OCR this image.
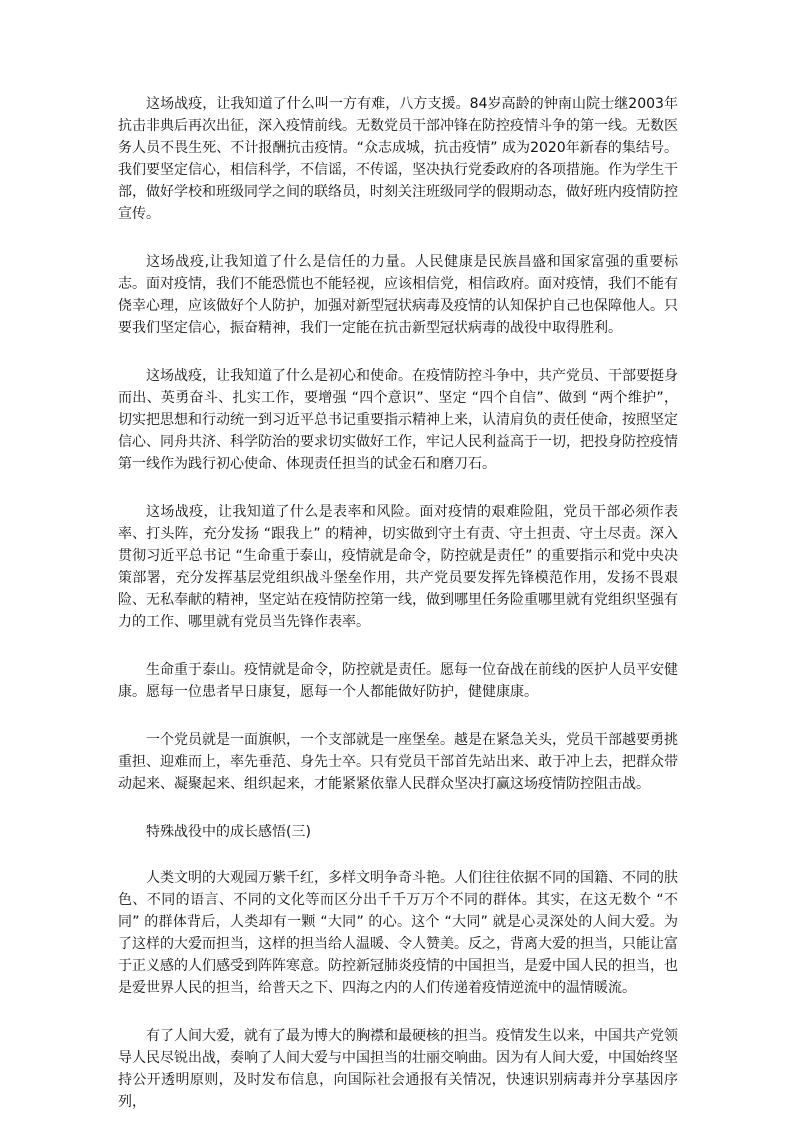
这场战疫，让我知道了什么叫一方有难，八方支援。84岁高龄的钟南山院士继2003年抗击非典后再次出征，深入疫情前线。无数党员干部冲锋在防控疫情斗争的第一线。无数医务人员不畏生死、不计报酬抗击疫情。“众志成城，抗击疫情” 成为2020年新春的集结号。我们要坚定信心，相信科学，不信谣，不传谣，坚决执行党委政府的各项措施。作为学生干部，做好学校和班级同学之间的联络员，时刻关注班级同学的假期动态，做好班内疫情防控宣传。

这场战疫,让我知道了什么是信任的力量。人民健康是民族昌盛和国家富强的重要标志。面对疫情，我们不能恐慌也不能轻视，应该相信党，相信政府。面对疫情，我们不能有侥幸心理，应该做好个人防护，加强对新型冠状病毒及疫情的认知保护自己也保障他人。只要我们坚定信心，振奋精神，我们一定能在抗击新型冠状病毒的战役中取得胜利。

这场战疫，让我知道了什么是初心和使命。在疫情防控斗争中，共产党员、干部要挺身而出、英勇奋斗、扎实工作，要增强 “四个意识”、坚定 “四个自信”、做到 “两个维护”，切实把思想和行动统一到习近平总书记重要指示精神上来，认清肩负的责任使命，按照坚定信心、同舟共济、科学防治的要求切实做好工作，牢记人民利益高于一切，把投身防控疫情第一线作为践行初心使命、体现责任担当的试金石和磨刀石。

这场战疫，让我知道了什么是表率和风险。面对疫情的艰难险阻，党员干部必须作表率、打头阵，充分发扬 “跟我上” 的精神，切实做到守土有责、守土担责、守土尽责。深入贯彻习近平总书记 “生命重于泰山，疫情就是命令，防控就是责任” 的重要指示和党中央决策部署，充分发挥基层党组织战斗堡垒作用，共产党员要发挥先锋模范作用，发扬不畏艰险、无私奉献的精神，坚定站在疫情防控第一线，做到哪里任务险重哪里就有党组织坚强有力的工作、哪里就有党员当先锋作表率。

生命重于泰山。疫情就是命令，防控就是责任。愿每一位奋战在前线的医护人员平安健康。愿每一位患者早日康复，愿每一个人都能做好防护，健健康康。

一个党员就是一面旗帜，一个支部就是一座堡垒。越是在紧急关头，党员干部越要勇挑重担、迎难而上，率先垂范、身先士卒。只有党员干部首先站出来、敢于冲上去，把群众带动起来、凝聚起来、组织起来，才能紧紧依靠人民群众坚决打赢这场疫情防控阻击战。

特殊战役中的成长感悟(三)

人类文明的大观园万紫千红，多样文明争奇斗艳。人们往往依据不同的国籍、不同的肤色、不同的语言、不同的文化等而区分出千千万万个不同的群体。其实，在这无数个 “不同” 的群体背后，人类却有一颗 “大同” 的心。这个 “大同” 就是心灵深处的人间大爱。为了这样的大爱而担当，这样的担当给人温暖、令人赞美。反之，背离大爱的担当，只能让富于正义感的人们感受到阵阵寒意。防控新冠肺炎疫情的中国担当，是爱中国人民的担当，也是爱世界人民的担当，给普天之下、四海之内的人们传递着疫情逆流中的温情暖流。

有了人间大爱，就有了最为博大的胸襟和最硬核的担当。疫情发生以来，中国共产党领导人民尽锐出战，奏响了人间大爱与中国担当的壮丽交响曲。因为有人间大爱，中国始终坚持公开透明原则，及时发布信息，向国际社会通报有关情况，快速识别病毒并分享基因序列，
